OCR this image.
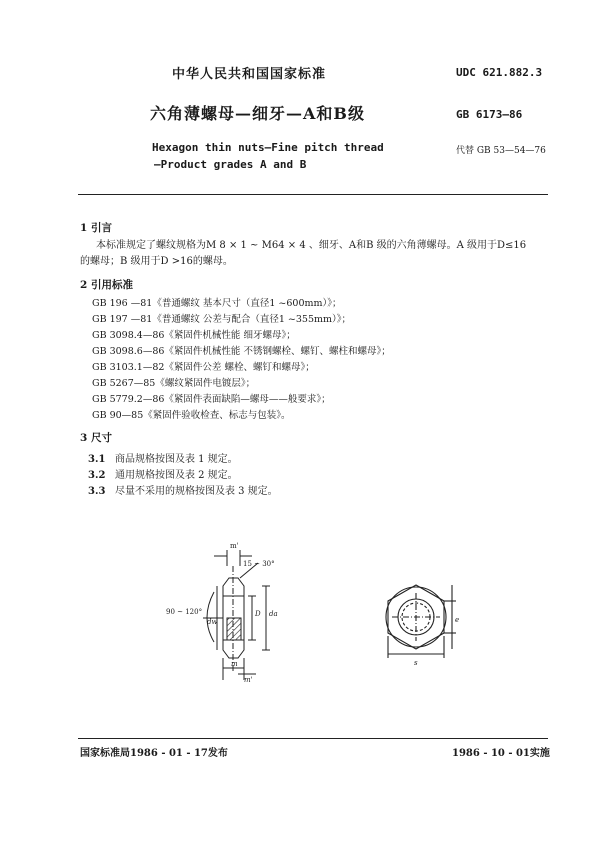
中华人民共和国国家标准	UDC 621.882.3
六角薄螺母—细牙—A和B级	GB 6173—86
Hexagon thin nuts—Fine pitch thread
—Product grades A and B
代替 GB 53—54—76
1 引言
本标准规定了螺纹规格为M 8 × 1 ~ M64 × 4 、细牙、A和B 级的六角薄螺母。A 级用于D≤16
的螺母；B 级用于D >16的螺母。
2 引用标准
GB 196 —81《普通螺纹 基本尺寸（直径1 ~600mm）》；
GB 197 —81《普通螺纹 公差与配合（直径1 ~355mm）》；
GB 3098.4—86《紧固件机械性能 细牙螺母》；
GB 3098.6—86《紧固件机械性能 不锈钢螺栓、螺钉、螺柱和螺母》；
GB 3103.1—82《紧固件公差 螺栓、螺钉和螺母》；
GB 5267—85《螺纹紧固件电镀层》；
GB 5779.2—86《紧固件表面缺陷—螺母——般要求》；
GB 90—85《紧固件验收检查、标志与包装》。
3 尺寸
3.1 商品规格按图及表 1 规定。
3.2 通用规格按图及表 2 规定。
3.3 尽量不采用的规格按图及表 3 规定。
m'
15 ~ 30°
90 ~ 120°
dw
D da
m
m'
e
s
国家标准局1986 - 01 - 17发布	1986 - 10 - 01实施
